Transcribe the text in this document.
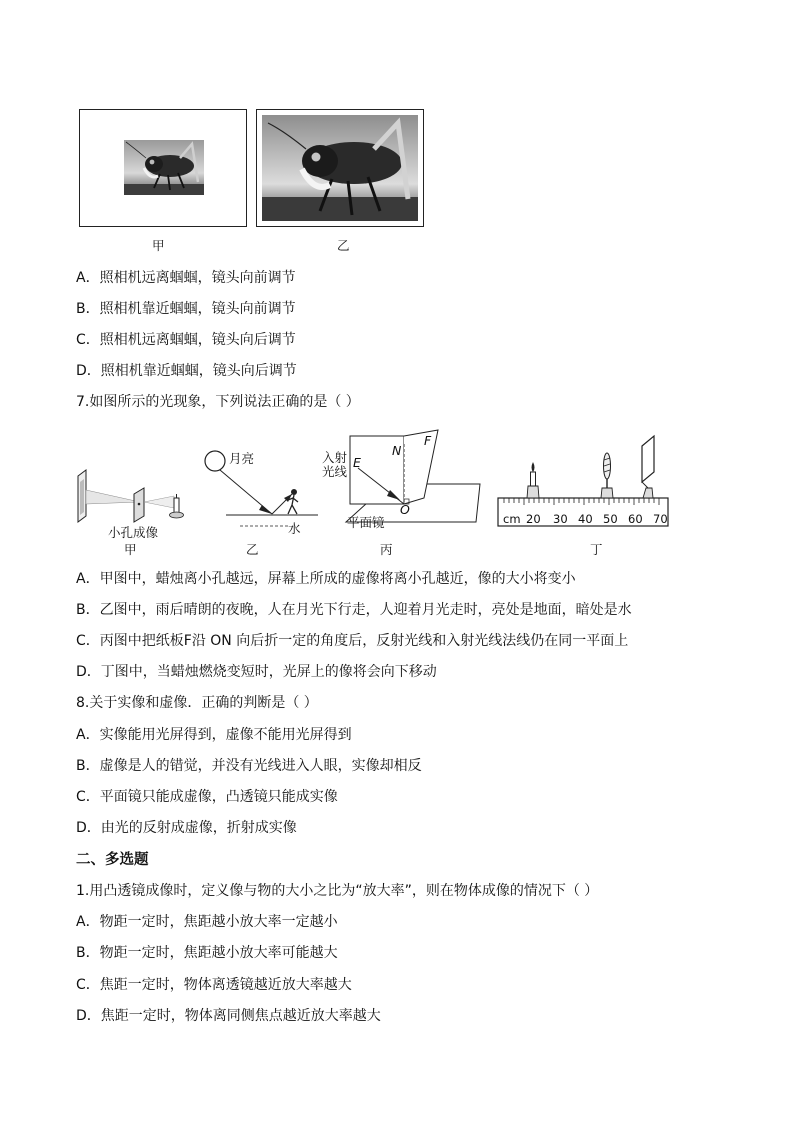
甲	乙
A．照相机远离蝈蝈，镜头向前调节
B．照相机靠近蝈蝈，镜头向前调节
C．照相机远离蝈蝈，镜头向后调节
D．照相机靠近蝈蝈，镜头向后调节
7.如图所示的光现象，下列说法正确的是（ ）
小孔成像
甲
月亮
水
乙
入射
光线
E
N
F
O
平面镜
丙
cm 20 30 40 50 60 70
丁
A．甲图中，蜡烛离小孔越远，屏幕上所成的虚像将离小孔越近，像的大小将变小
B．乙图中，雨后晴朗的夜晚，人在月光下行走，人迎着月光走时，亮处是地面，暗处是水
C．丙图中把纸板F沿 ON 向后折一定的角度后，反射光线和入射光线法线仍在同一平面上
D．丁图中，当蜡烛燃烧变短时，光屏上的像将会向下移动
8.关于实像和虚像．正确的判断是（ ）
A．实像能用光屏得到，虚像不能用光屏得到
B．虚像是人的错觉，并没有光线进入人眼，实像却相反
C．平面镜只能成虚像，凸透镜只能成实像
D．由光的反射成虚像，折射成实像
二、多选题
1.用凸透镜成像时，定义像与物的大小之比为“放大率”，则在物体成像的情况下（ ）
A．物距一定时，焦距越小放大率一定越小
B．物距一定时，焦距越小放大率可能越大
C．焦距一定时，物体离透镜越近放大率越大
D．焦距一定时，物体离同侧焦点越近放大率越大
